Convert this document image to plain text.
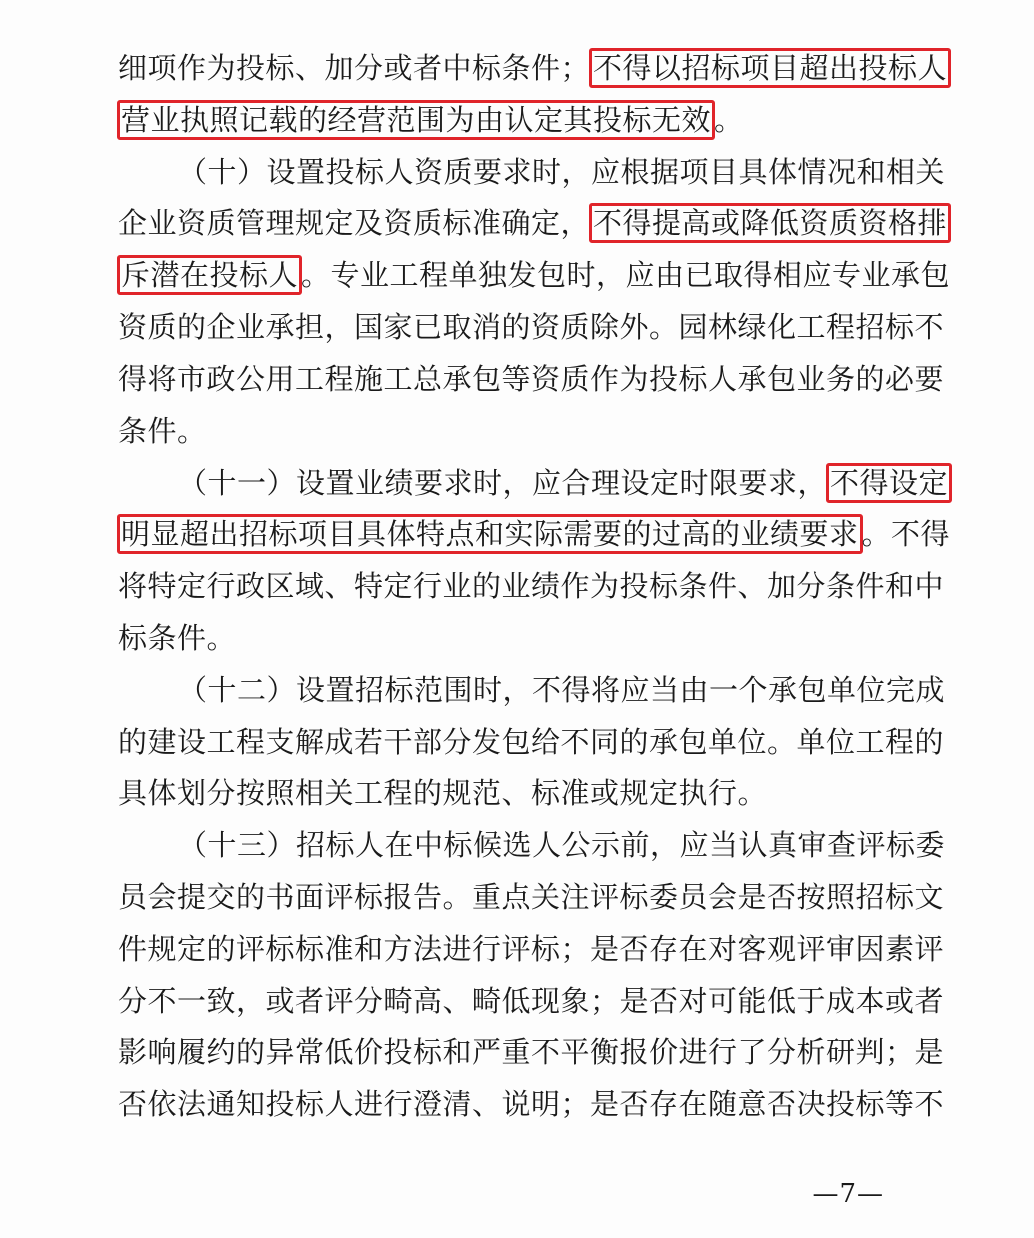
细项作为投标、加分或者中标条件； 不得以招标项目超出投标人
营业执照记载的经营范围为由认定其投标无效 。
（十）设置投标人资质要求时，应根据项目具体情况和相关
企业资质管理规定及资质标准确定， 不得提高或降低资质资格排
斥潜在投标人 。专业工程单独发包时，应由已取得相应专业承包
资质的企业承担，国家已取消的资质除外。园林绿化工程招标不
得将市政公用工程施工总承包等资质作为投标人承包业务的必要
条件。
（十一）设置业绩要求时，应合理设定时限要求， 不得设定
明显超出招标项目具体特点和实际需要的过高的业绩要求 。不得
将特定行政区域、特定行业的业绩作为投标条件、加分条件和中
标条件。
（十二）设置招标范围时，不得将应当由一个承包单位完成
的建设工程支解成若干部分发包给不同的承包单位。单位工程的
具体划分按照相关工程的规范、标准或规定执行。
（十三）招标人在中标候选人公示前，应当认真审查评标委
员会提交的书面评标报告。重点关注评标委员会是否按照招标文
件规定的评标标准和方法进行评标；是否存在对客观评审因素评
分不一致，或者评分畸高、畸低现象；是否对可能低于成本或者
影响履约的异常低价投标和严重不平衡报价进行了分析研判；是
否依法通知投标人进行澄清、说明；是否存在随意否决投标等不
—7—
